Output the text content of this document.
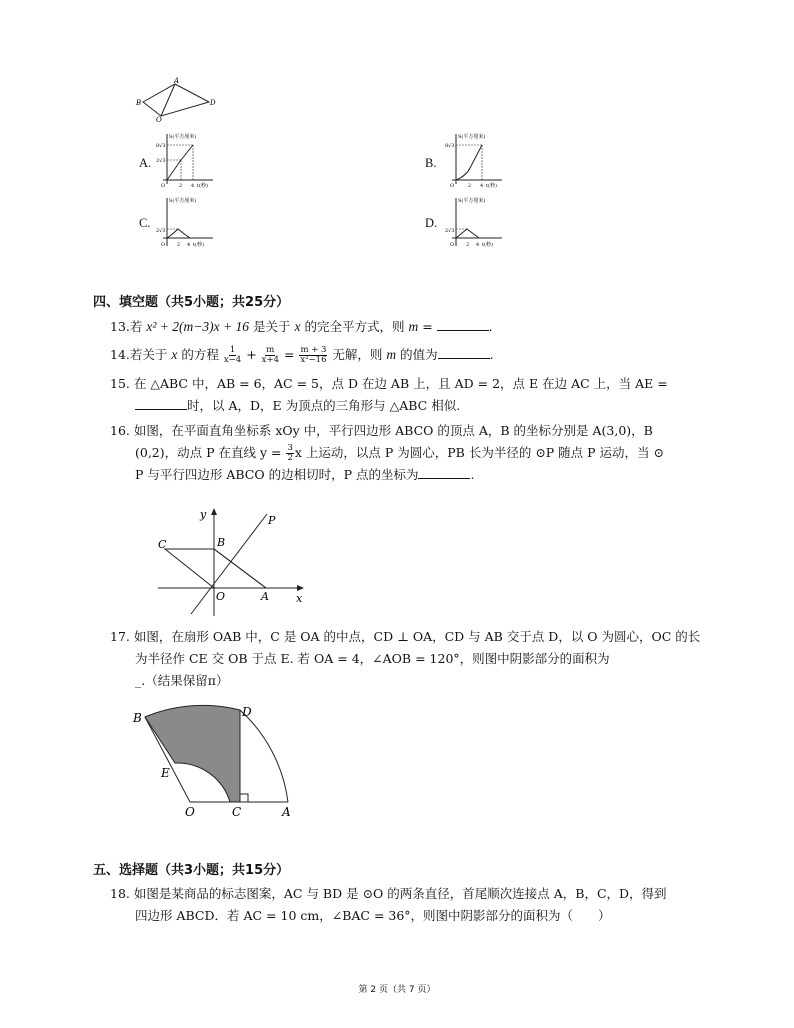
B
A
O
D
A.
S(平方厘米)
8√3
2√3
O	2 4 t(秒)
B.
S(平方厘米)
8√3
O	2 4 t(秒)
C.
S(平方厘米)
2√3
O 2 4 t(秒)
D.
S(平方厘米)
2√3
O 2 4 t(秒)
四、填空题（共5小题；共25分）
13.若 x² + 2(m−3)x + 16 是关于 x 的完全平方式，则 m =	.
14.若关于 x 的方程 $\frac{1}{x-4} + \frac{m}{x+4} = \frac{m + 3}{\text{x²−16}}$ 无解，则 m 的值为	.
15. 在 △ABC 中，AB = 6，AC = 5，点 D 在边 AB 上，且 AD = 2，点 E 在边 AC 上，当 AE =
时，以 A，D，E 为顶点的三角形与 △ABC 相似.
16. 如图，在平面直角坐标系 xOy 中，平行四边形 ABCO 的顶点 A，B 的坐标分别是 A(3,0)，B
(0,2)，动点 P 在直线 $y = \frac{3}{2}$ x 上运动，以点 P 为圆心，PB 长为半径的 ⊙P 随点 P 运动，当 ⊙
P 与平行四边形 ABCO 的边相切时，P 点的坐标为	.
y
x
O	A
B
C
P
17. 如图，在扇形 OAB 中，C 是 OA 的中点，CD ⊥ OA，CD 与 AB 交于点 D，以 O 为圆心，OC 的长
为半径作 CE 交 OB 于点 E. 若 OA = 4，∠AOB = 120°，则图中阴影部分的面积为
_.（结果保留π）
B	D
E
O	C	A
五、选择题（共3小题；共15分）
18. 如图是某商品的标志图案，AC 与 BD 是 ⊙O 的两条直径，首尾顺次连接点 A，B，C，D，得到
四边形 ABCD．若 AC = 10 cm，∠BAC = 36°，则图中阴影部分的面积为（　　）
第 2 页（共 7 页）
